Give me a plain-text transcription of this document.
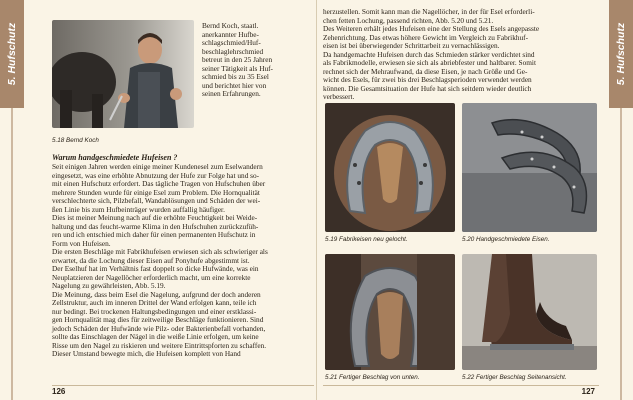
5. Hufschutz	Bernd Koch, staatl.

anerkannter Hufbe-

schlagschmied/Huf-

beschlaglehrschmied

betreut in den 25 Jahren

seiner Tätigkeit als Huf-

schmied bis zu 35 Esel

und berichtet hier von

seinen Erfahrungen.

5.18 Bernd Koch
Warum handgeschmiedete Hufeisen ?

Seit einigen Jahren werden einige meiner Kundenesel zum Eselwandern

eingesetzt, was eine erhöhte Abnutzung der Hufe zur Folge hat und so-

mit einen Hufschutz erfordert. Das tägliche Tragen von Hufschuhen über

mehrere Stunden wurde für einige Esel zum Problem. Die Hornqualität

verschlechterte sich, Pilzbefall, Wandablösungen und Schäden der wei-

ßen Linie bis zum Hufbeinträger wurden auffallig häufiger.

Dies ist meiner Meinung nach auf die erhöhte Feuchtigkeit bei Weide-

haltung und das feucht-warme Klima in den Hufschuhen zurückzufüh-

ren und ich entschied mich daher für einen permanenten Hufschutz in

Form von Hufeisen.

Die ersten Beschläge mit Fabrikhufeisen erwiesen sich als schwieriger als

erwartet, da die Lochung dieser Eisen auf Ponyhufe abgestimmt ist.

Der Eselhuf hat im Verhältnis fast doppelt so dicke Hufwände, was ein

Neuplatzieren der Nagellöcher erforderlich macht, um eine korrekte

Nagelung zu gewährleisten, Abb. 5.19.

Die Meinung, dass beim Esel die Nagelung, aufgrund der doch anderen

Zellstruktur, auch im inneren Drittel der Wand erfolgen kann, teile ich

nur bedingt. Bei trockenen Haltungsbedingungen und einer erstklassi-

gen Hornqualität mag dies für zeitweilige Beschläge funktionieren. Sind

jedoch Schäden der Hufwände wie Pilz- oder Bakterienbefall vorhanden,

sollte das Einschlagen der Nägel in die weiße Linie erfolgen, um keine

Risse um den Nagel zu riskieren und weitere Eintrittspforten zu schaffen.

Dieser Umstand bewegte mich, die Hufeisen komplett von Hand

126
5. Hufschutz

herzustellen. Somit kann man die Nagellöcher, in der für Esel erforderli-

chen fetten Lochung, passend richten, Abb. 5.20 und 5.21.

Des Weiteren erhält jedes Hufeisen eine der Stellung des Esels angepasste

Zehenrichtung. Das etwas höhere Gewicht im Vergleich zu Fabrikhuf-

eisen ist bei überwiegender Schrittarbeit zu vernachlässigen.

Da handgemachte Hufeisen durch das Schmieden stärker verdichtet sind

als Fabrikmodelle, erwiesen sie sich als abriebfester und haltbarer. Somit

rechnet sich der Mehraufwand, da diese Eisen, je nach Größe und Ge-

wicht des Esels, für zwei bis drei Beschlagsperioden verwendet werden

können. Die Gesamtsituation der Hufe hat sich seitdem wieder deutlich

verbessert.

5.19 Fabrikeisen neu gelocht.	5.20 Handgeschmiedete Eisen.
5.21 Fertiger Beschlag von unten.	5.22 Fertiger Beschlag Seitenansicht.
127
